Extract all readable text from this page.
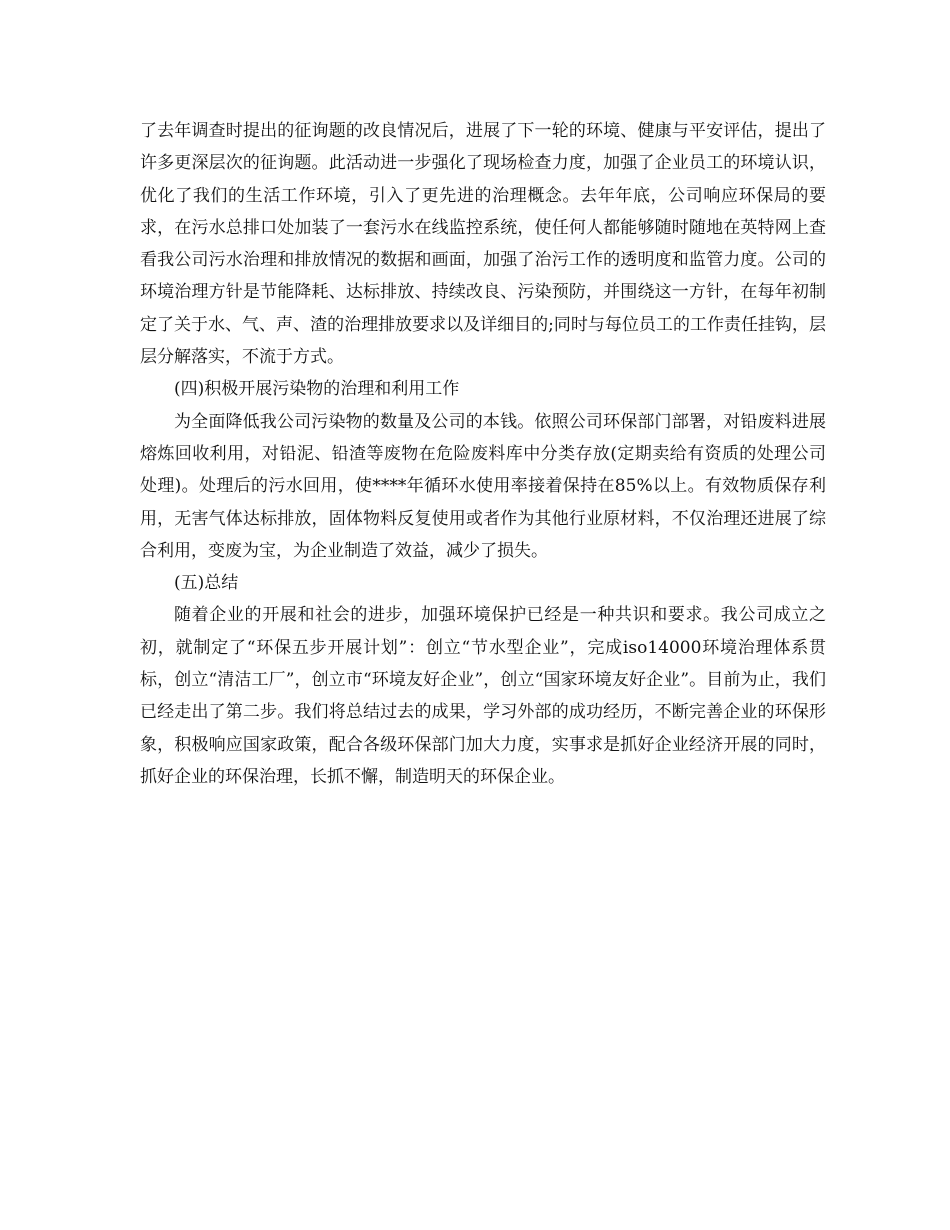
了去年调查时提出的征询题的改良情况后，进展了下一轮的环境、健康与平安评估，提出了许多更深层次的征询题。此活动进一步强化了现场检查力度，加强了企业员工的环境认识，优化了我们的生活工作环境，引入了更先进的治理概念。去年年底，公司响应环保局的要求，在污水总排口处加装了一套污水在线监控系统，使任何人都能够随时随地在英特网上查看我公司污水治理和排放情况的数据和画面，加强了治污工作的透明度和监管力度。公司的环境治理方针是节能降耗、达标排放、持续改良、污染预防，并围绕这一方针，在每年初制定了关于水、气、声、渣的治理排放要求以及详细目的;同时与每位员工的工作责任挂钩，层层分解落实，不流于方式。

(四)积极开展污染物的治理和利用工作

为全面降低我公司污染物的数量及公司的本钱。依照公司环保部门部署，对铅废料进展熔炼回收利用，对铅泥、铅渣等废物在危险废料库中分类存放(定期卖给有资质的处理公司处理)。处理后的污水回用，使****年循环水使用率接着保持在85%以上。有效物质保存利用，无害气体达标排放，固体物料反复使用或者作为其他行业原材料，不仅治理还进展了综合利用，变废为宝，为企业制造了效益，减少了损失。

(五)总结

随着企业的开展和社会的进步，加强环境保护已经是一种共识和要求。我公司成立之初，就制定了“环保五步开展计划”：创立“节水型企业”，完成iso14000环境治理体系贯标，创立“清洁工厂”，创立市“环境友好企业”，创立“国家环境友好企业”。目前为止，我们已经走出了第二步。我们将总结过去的成果，学习外部的成功经历，不断完善企业的环保形象，积极响应国家政策，配合各级环保部门加大力度，实事求是抓好企业经济开展的同时，抓好企业的环保治理，长抓不懈，制造明天的环保企业。
